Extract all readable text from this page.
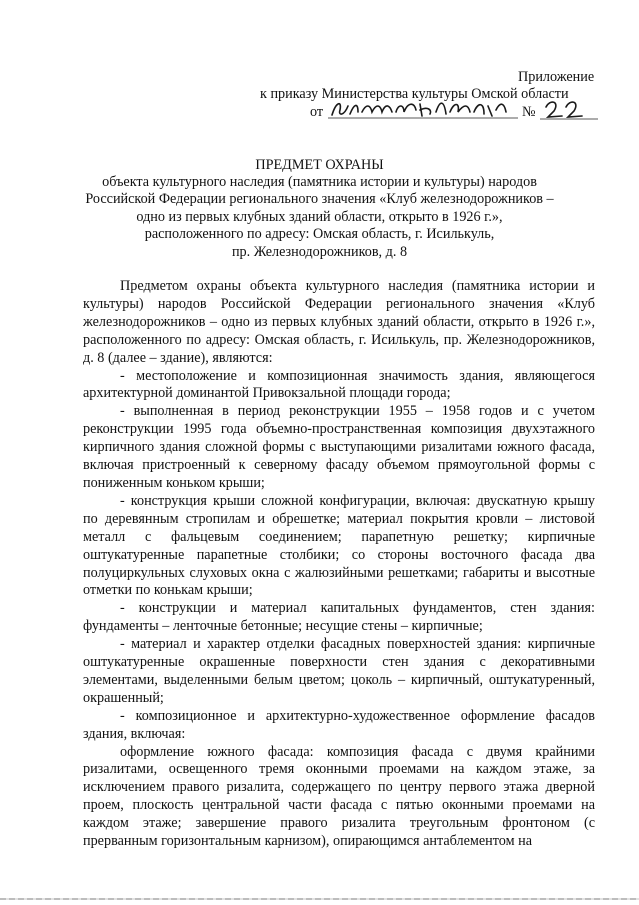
Приложение
к приказу Министерства культуры Омской области
от	№
ПРЕДМЕТ ОХРАНЫ
объекта культурного наследия (памятника истории и культуры) народов
Российской Федерации регионального значения «Клуб железнодорожников –
одно из первых клубных зданий области, открыто в 1926 г.»,
расположенного по адресу: Омская область, г. Исилькуль,
пр. Железнодорожников, д. 8

Предметом охраны объекта культурного наследия (памятника истории и культуры) народов Российской Федерации регионального значения «Клуб железнодорожников – одно из первых клубных зданий области, открыто в 1926 г.», расположенного по адресу: Омская область, г. Исилькуль, пр. Железнодорожников, д. 8 (далее – здание), являются:

- местоположение и композиционная значимость здания, являющегося архитектурной доминантой Привокзальной площади города;

- выполненная в период реконструкции 1955 – 1958 годов и с учетом реконструкции 1995 года объемно-пространственная композиция двухэтажного кирпичного здания сложной формы с выступающими ризалитами южного фасада, включая пристроенный к северному фасаду объемом прямоугольной формы с пониженным коньком крыши;

- конструкция крыши сложной конфигурации, включая: двускатную крышу по деревянным стропилам и обрешетке; материал покрытия кровли – листовой металл с фальцевым соединением; парапетную решетку; кирпичные оштукатуренные парапетные столбики; со стороны восточного фасада два полуциркульных слуховых окна с жалюзийными решетками; габариты и высотные отметки по конькам крыши;

- конструкции и материал капитальных фундаментов, стен здания: фундаменты – ленточные бетонные; несущие стены – кирпичные;

- материал и характер отделки фасадных поверхностей здания: кирпичные оштукатуренные окрашенные поверхности стен здания с декоративными элементами, выделенными белым цветом; цоколь – кирпичный, оштукатуренный, окрашенный;

- композиционное и архитектурно-художественное оформление фасадов здания, включая:

оформление южного фасада: композиция фасада с двумя крайними ризалитами, освещенного тремя оконными проемами на каждом этаже, за исключением правого ризалита, содержащего по центру первого этажа дверной проем, плоскость центральной части фасада с пятью оконными проемами на каждом этаже; завершение правого ризалита треугольным фронтоном (с прерванным горизонтальным карнизом), опирающимся антаблементом на
